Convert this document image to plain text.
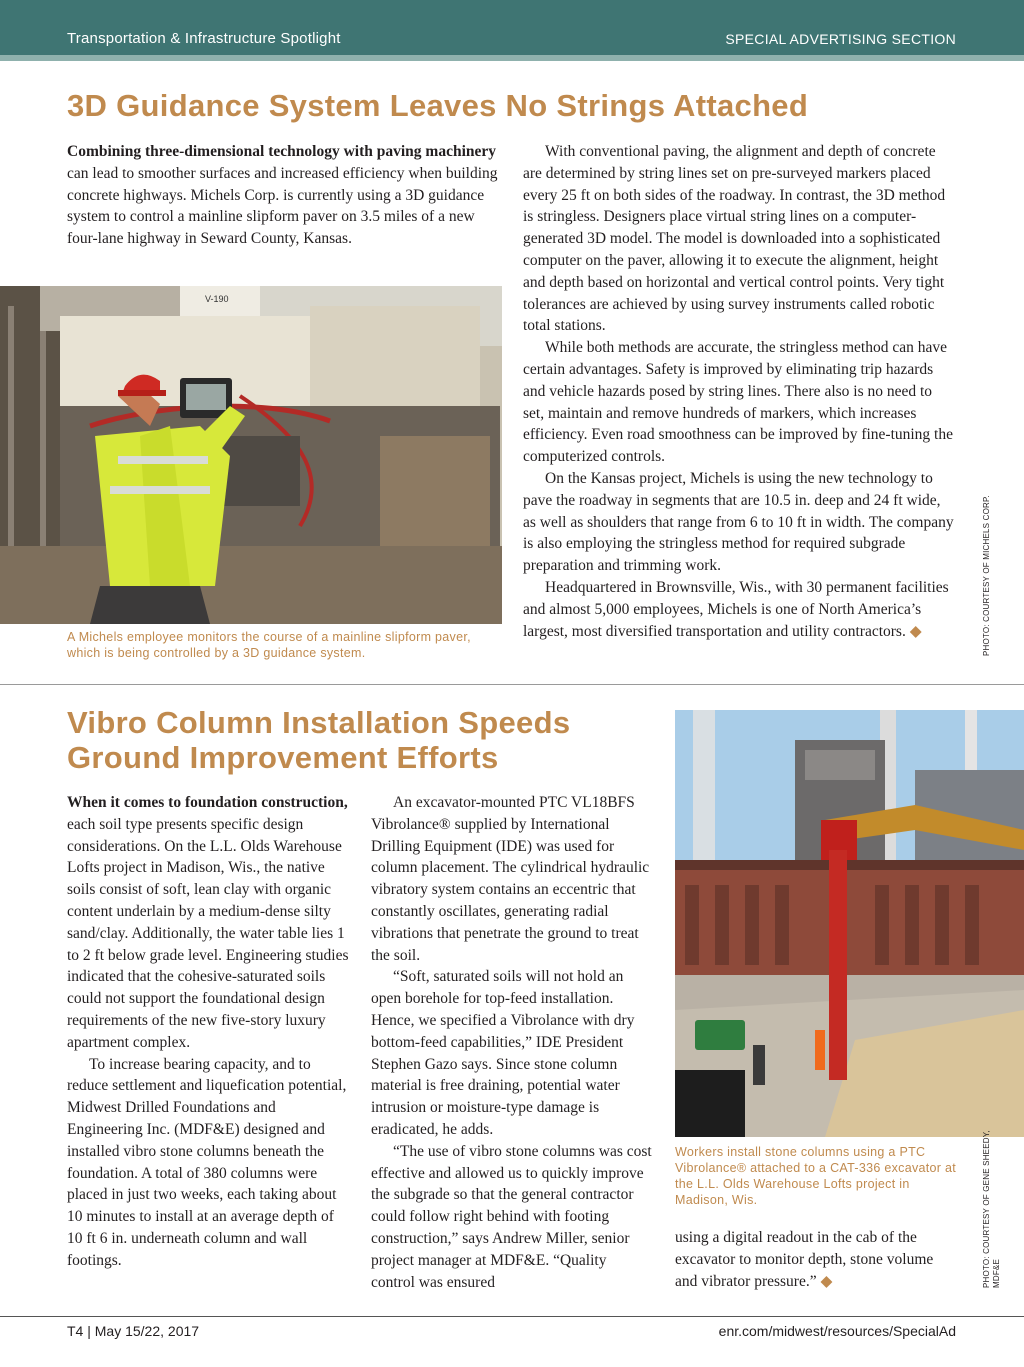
Transportation & Infrastructure Spotlight	SPECIAL ADVERTISING SECTION
3D Guidance System Leaves No Strings Attached

Combining three-dimensional technology with paving machinery can lead to smoother surfaces and increased efficiency when building concrete highways. Michels Corp. is currently using a 3D guidance system to control a mainline slipform paver on 3.5 miles of a new four-lane highway in Seward County, Kansas.

V-190
A Michels employee monitors the course of a mainline slipform paver, which is being controlled by a 3D guidance system.

With conventional paving, the alignment and depth of concrete are determined by string lines set on pre-surveyed markers placed every 25 ft on both sides of the roadway. In contrast, the 3D method is stringless. Designers place virtual string lines on a computer-generated 3D model. The model is downloaded into a sophisticated computer on the paver, allowing it to execute the alignment, height and depth based on horizontal and vertical control points. Very tight tolerances are achieved by using survey instruments called robotic total stations.

While both methods are accurate, the stringless method can have certain advantages. Safety is improved by eliminating trip hazards and vehicle hazards posed by string lines. There also is no need to set, maintain and remove hundreds of markers, which increases efficiency. Even road smoothness can be improved by fine-tuning the computerized controls.

On the Kansas project, Michels is using the new technology to pave the roadway in segments that are 10.5 in. deep and 24 ft wide, as well as shoulders that range from 6 to 10 ft in width. The company is also employing the stringless method for required subgrade preparation and trimming work.

Headquartered in Brownsville, Wis., with 30 permanent facilities and almost 5,000 employees, Michels is one of North America’s largest, most diversified transportation and utility contractors. ◆	PHOTO: COURTESY OF MICHELS CORP.
Vibro Column Installation Speeds Ground Improvement Efforts

When it comes to foundation construction, each soil type presents specific design considerations. On the L.L. Olds Warehouse Lofts project in Madison, Wis., the native soils consist of soft, lean clay with organic content underlain by a medium-dense silty sand/clay. Additionally, the water table lies 1 to 2 ft below grade level. Engineering studies indicated that the cohesive-saturated soils could not support the foundational design requirements of the new five-story luxury apartment complex.

To increase bearing capacity, and to reduce settlement and liquefication potential, Midwest Drilled Foundations and Engineering Inc. (MDF&E) designed and installed vibro stone columns beneath the foundation. A total of 380 columns were placed in just two weeks, each taking about 10 minutes to install at an average depth of 10 ft 6 in. underneath column and wall footings.

An excavator-mounted PTC VL18BFS Vibrolance® supplied by International Drilling Equipment (IDE) was used for column placement. The cylindrical hydraulic vibratory system contains an eccentric that constantly oscillates, generating radial vibrations that penetrate the ground to treat the soil.

“Soft, saturated soils will not hold an open borehole for top-feed installation. Hence, we specified a Vibrolance with dry bottom-feed capabilities,” IDE President Stephen Gazo says. Since stone column material is free draining, potential water intrusion or moisture-type damage is eradicated, he adds.

“The use of vibro stone columns was cost effective and allowed us to quickly improve the subgrade so that the general contractor could follow right behind with footing construction,” says Andrew Miller, senior project manager at MDF&E. “Quality control was ensured

Workers install stone columns using a PTC Vibrolance® attached to a CAT-336 excavator at the L.L. Olds Warehouse Lofts project in Madison, Wis.

using a digital readout in the cab of the excavator to monitor depth, stone volume and vibrator pressure.” ◆	PHOTO: COURTESY OF GENE SHEEDY, MDF&E
T4 | May 15/22, 2017	enr.com/midwest/resources/SpecialAd
